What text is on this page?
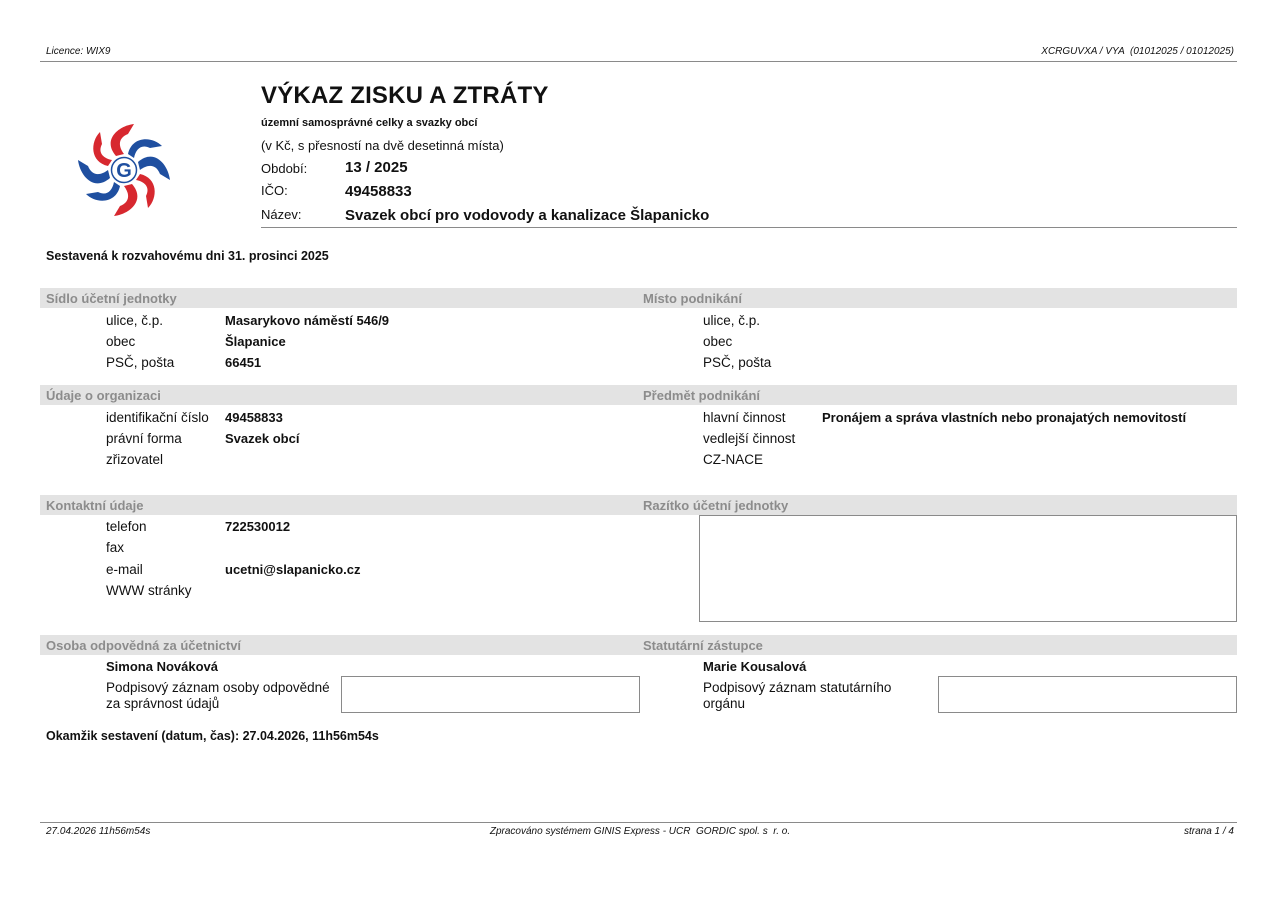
Licence: WIX9	XCRGUVXA / VYA  (01012025 / 01012025)
G
VÝKAZ ZISKU A ZTRÁTY
územní samosprávné celky a svazky obcí
(v Kč, s přesností na dvě desetinná místa)
Období:	13 / 2025
IČO:	49458833
Název:	Svazek obcí pro vodovody a kanalizace Šlapanicko
Sestavená k rozvahovému dni 31. prosinci 2025
Sídlo účetní jednotky	Místo podnikání
ulice, č.p.	Masarykovo náměstí 546/9
obec	Šlapanice
PSČ, pošta	66451
ulice, č.p.
obec
PSČ, pošta
Údaje o organizaci	Předmět podnikání
identifikační číslo 49458833
právní forma	Svazek obcí
zřizovatel
hlavní činnost	Pronájem a správa vlastních nebo pronajatých nemovitostí
vedlejší činnost
CZ-NACE
Kontaktní údaje	Razítko účetní jednotky
telefon	722530012
fax
e-mail	ucetni@slapanicko.cz
WWW stránky
Osoba odpovědná za účetnictví	Statutární zástupce
Simona Nováková
Podpisový záznam osoby odpovědné
za správnost údajů
Marie Kousalová
Podpisový záznam statutárního
orgánu
Okamžik sestavení (datum, čas): 27.04.2026, 11h56m54s
27.04.2026 11h56m54s	Zpracováno systémem GINIS Express - UCR  GORDIC spol. s  r. o.	strana 1 / 4
